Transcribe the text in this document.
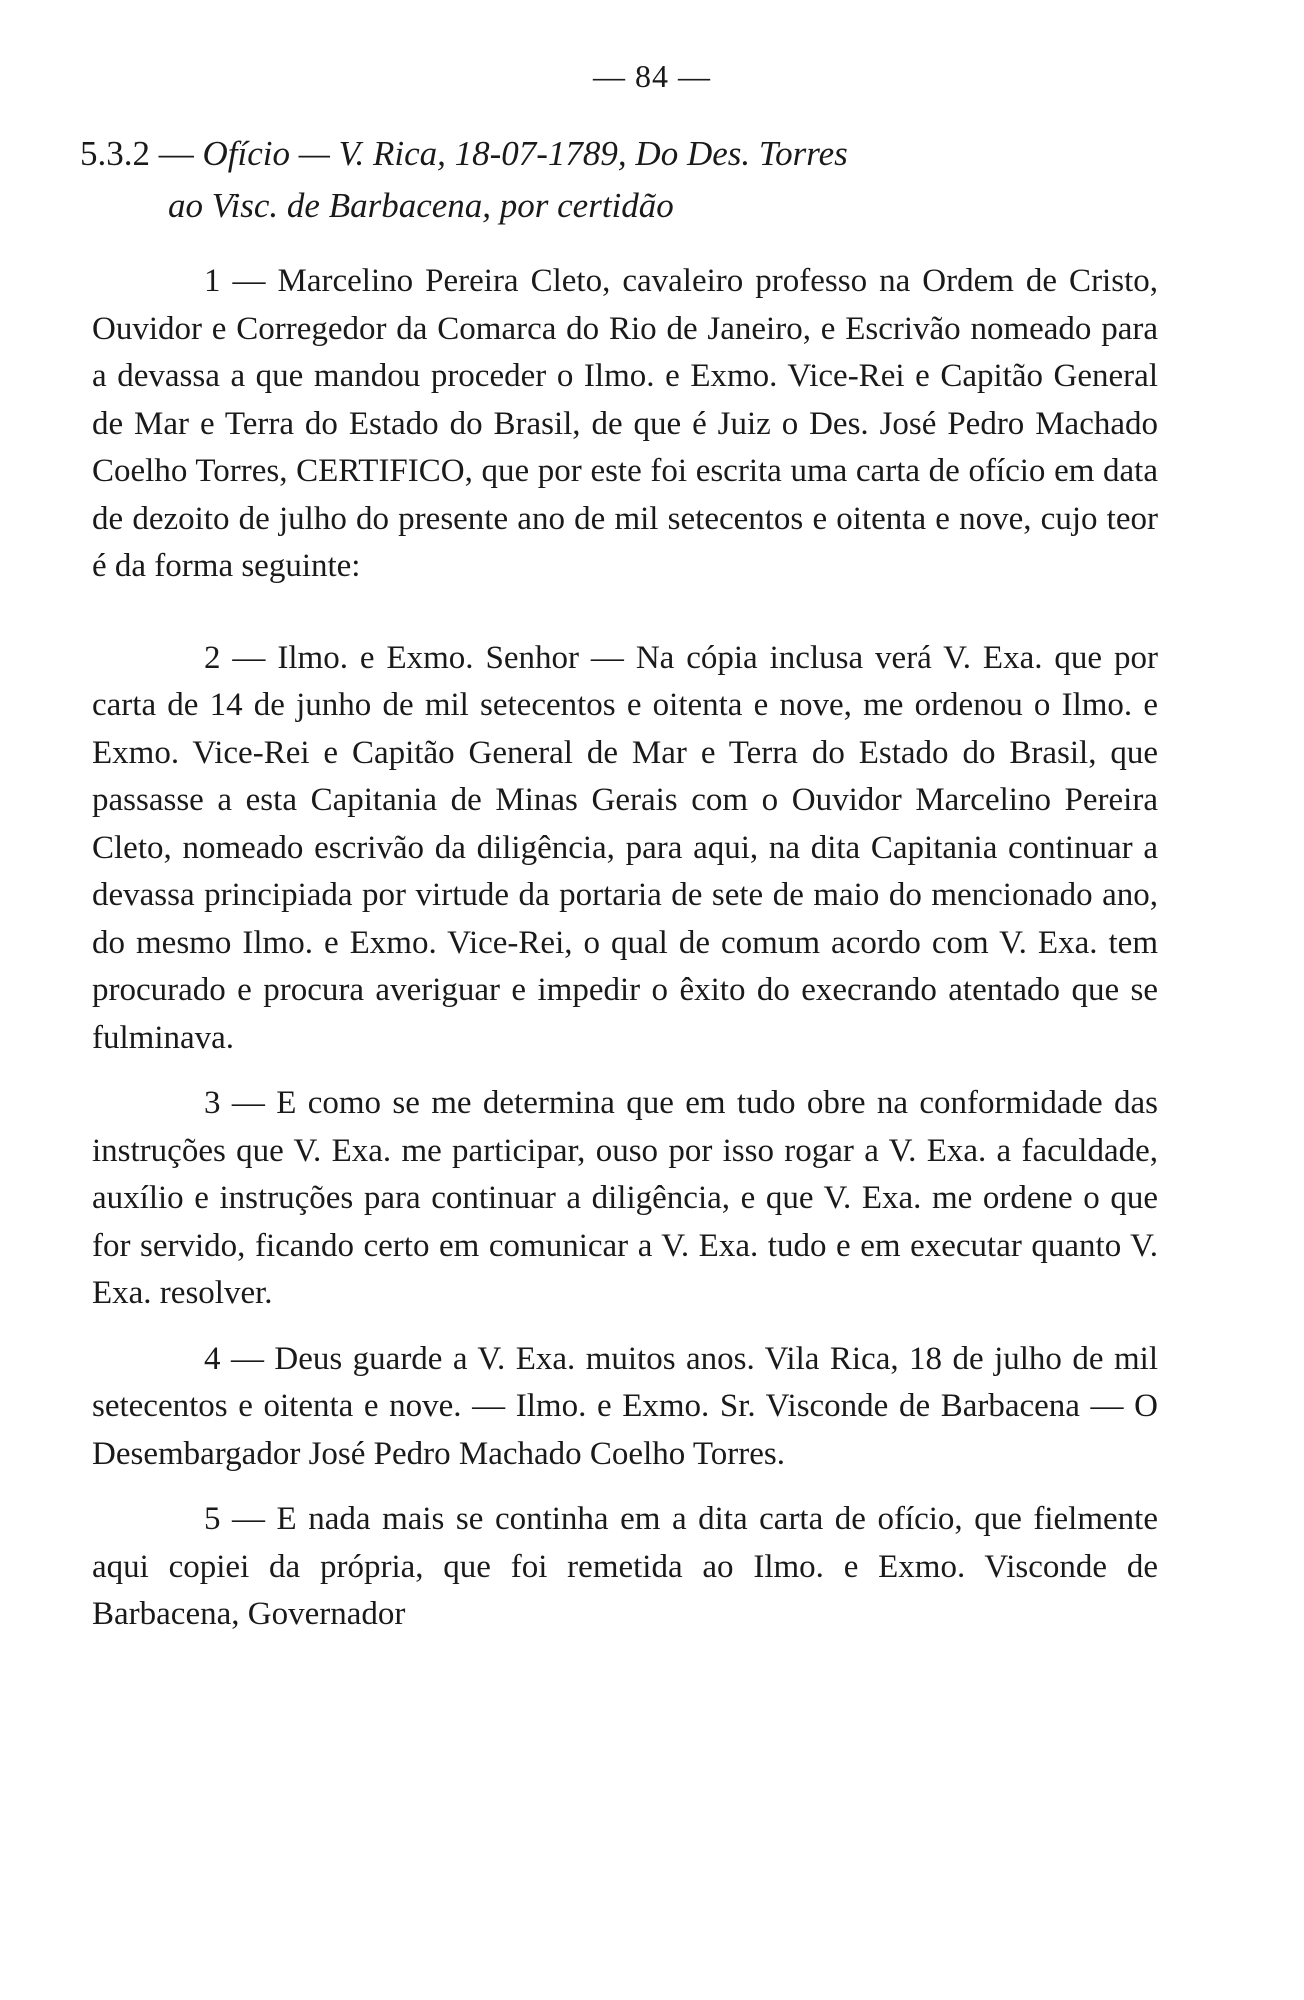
— 84 —
5.3.2 — Ofício — V. Rica, 18-07-1789, Do Des. Torres
ao Visc. de Barbacena, por certidão

1 — Marcelino Pereira Cleto, cavaleiro professo na Ordem de Cristo, Ouvidor e Corregedor da Comarca do Rio de Janeiro, e Escrivão nomeado para a devassa a que mandou proceder o Ilmo. e Exmo. Vice-Rei e Capitão General de Mar e Terra do Estado do Brasil, de que é Juiz o Des. José Pedro Machado Coelho Torres, CERTIFICO, que por este foi escrita uma carta de ofício em data de dezoito de julho do presente ano de mil setecentos e oitenta e nove, cujo teor é da forma seguinte:

2 — Ilmo. e Exmo. Senhor — Na cópia inclusa verá V. Exa. que por carta de 14 de junho de mil setecentos e oitenta e nove, me ordenou o Ilmo. e Exmo. Vice-Rei e Capitão General de Mar e Terra do Estado do Brasil, que passasse a esta Capitania de Minas Gerais com o Ouvidor Marcelino Pereira Cleto, nomeado escrivão da diligência, para aqui, na dita Capitania continuar a devassa principiada por virtude da portaria de sete de maio do mencionado ano, do mesmo Ilmo. e Exmo. Vice-Rei, o qual de comum acordo com V. Exa. tem procurado e procura averiguar e impedir o êxito do execrando atentado que se fulminava.

3 — E como se me determina que em tudo obre na conformidade das instruções que V. Exa. me participar, ouso por isso rogar a V. Exa. a faculdade, auxílio e instruções para continuar a diligência, e que V. Exa. me ordene o que for servido, ficando certo em comunicar a V. Exa. tudo e em executar quanto V. Exa. resolver.

4 — Deus guarde a V. Exa. muitos anos. Vila Rica, 18 de julho de mil setecentos e oitenta e nove. — Ilmo. e Exmo. Sr. Visconde de Barbacena — O Desembargador José Pedro Machado Coelho Torres.

5 — E nada mais se continha em a dita carta de ofício, que fielmente aqui copiei da própria, que foi remetida ao Ilmo. e Exmo. Visconde de Barbacena, Governador
